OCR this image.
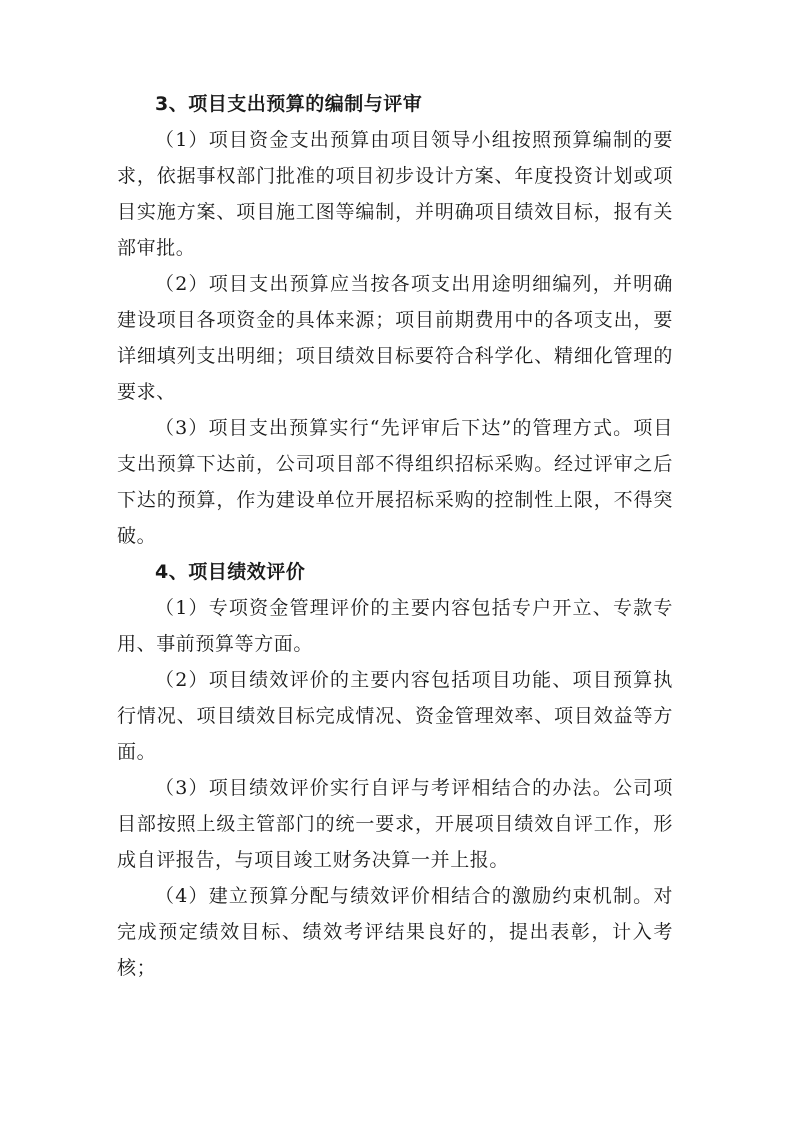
3、项目支出预算的编制与评审

（1）项目资金支出预算由项目领导小组按照预算编制的要求，依据事权部门批准的项目初步设计方案、年度投资计划或项目实施方案、项目施工图等编制，并明确项目绩效目标，报有关部审批。

（2）项目支出预算应当按各项支出用途明细编列，并明确建设项目各项资金的具体来源；项目前期费用中的各项支出，要详细填列支出明细；项目绩效目标要符合科学化、精细化管理的要求、

（3）项目支出预算实行“先评审后下达”的管理方式。项目支出预算下达前，公司项目部不得组织招标采购。经过评审之后下达的预算，作为建设单位开展招标采购的控制性上限，不得突破。

4、项目绩效评价

（1）专项资金管理评价的主要内容包括专户开立、专款专用、事前预算等方面。

（2）项目绩效评价的主要内容包括项目功能、项目预算执行情况、项目绩效目标完成情况、资金管理效率、项目效益等方面。

（3）项目绩效评价实行自评与考评相结合的办法。公司项目部按照上级主管部门的统一要求，开展项目绩效自评工作，形成自评报告，与项目竣工财务决算一并上报。

（4）建立预算分配与绩效评价相结合的激励约束机制。对完成预定绩效目标、绩效考评结果良好的，提出表彰，计入考核；
